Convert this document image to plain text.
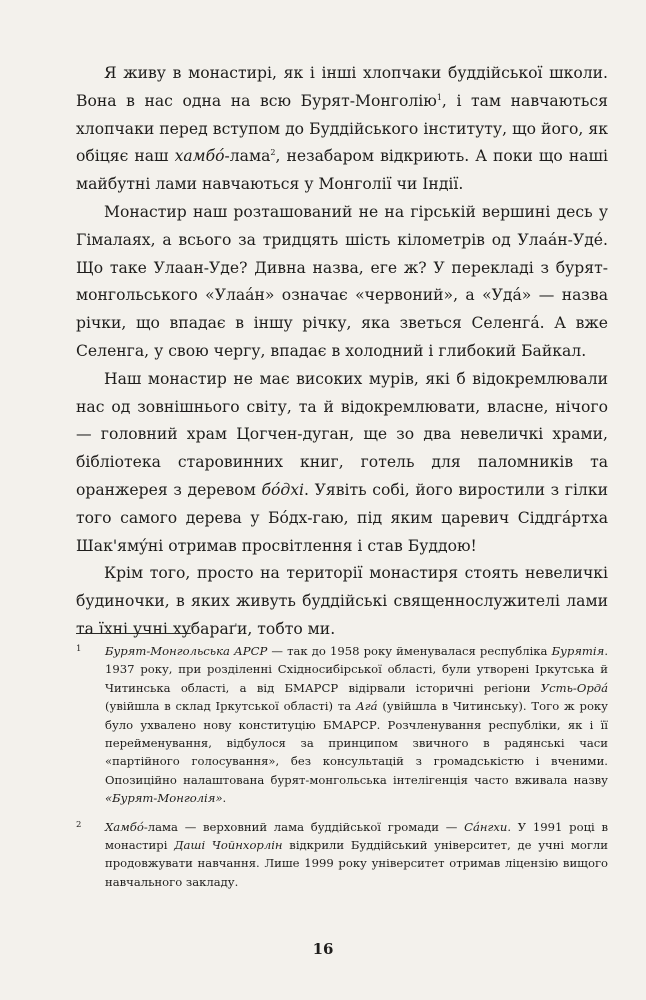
Я живу в монастирі, як і інші хлопчаки буддійської школи. Вона в нас одна на всю Бурят-Монголію$^1$, і там навчаються хлопчаки перед вступом до Буддійського інституту, що його, як обіцяє наш хамбó-лама$^2$, незабаром відкриють. А поки що наші майбутні лами навчаються у Монголії чи Індії.

Монастир наш розташований не на гірській вершині десь у Гімалаях, а всього за тридцять шість кілометрів од Улаáн-Удé. Що таке Улаан-Уде? Дивна назва, еге ж? У перекладі з бурят-монгольського «Улаáн» означає «червоний», а «Удá» — назва річки, що впадає в іншу річку, яка зветься Селенгá. А вже Селенга, у свою чергу, впадає в холодний і глибокий Байкал.

Наш монастир не має високих мурів, які б відокремлювали нас од зовнішнього світу, та й відокремлювати, власне, нічого — головний храм Цогчен-дуган, ще зо два невеличкі храми, бібліотека старовинних книг, готель для паломників та оранжерея з деревом бóдхі. Уявіть собі, його виростили з гілки того самого дерева у Бóдх-гаю, під яким царевич Сіддгáртха Шак'ямýні отримав просвітлення і став Буддою!

Крім того, просто на території монастиря стоять невеличкі будиночки, в яких живуть буддійські священнослужителі лами та їхні учні хубараґи, тобто ми.

1 Бурят-Монгольська АРСР — так до 1958 року йменувалася республіка Бурятія. 1937 року, при розділенні Східносибірської області, були утворені Іркутська й Читинська області, а від БМАРСР відірвали історичні регіони Усть-Ордá (увійшла в склад Іркутської області) та Агá (увійшла в Читинську). Того ж року було ухвалено нову конституцію БМАРСР. Розчленування республіки, як і її перейменування, відбулося за принципом звичного в радянські часи «партійного голосування», без консультацій з громадськістю і вченими. Опозиційно налаштована бурят-монгольська інтелігенція часто вживала назву «Бурят-Монголія».
2 Хамбó-лама — верховний лама буддійської громади — Сáнгхи. У 1991 році в монастирі Даші Чойнхорлін відкрили Буддійський університет, де учні могли продовжувати навчання. Лише 1999 року університет отримав ліцензію вищого навчального закладу.
16
